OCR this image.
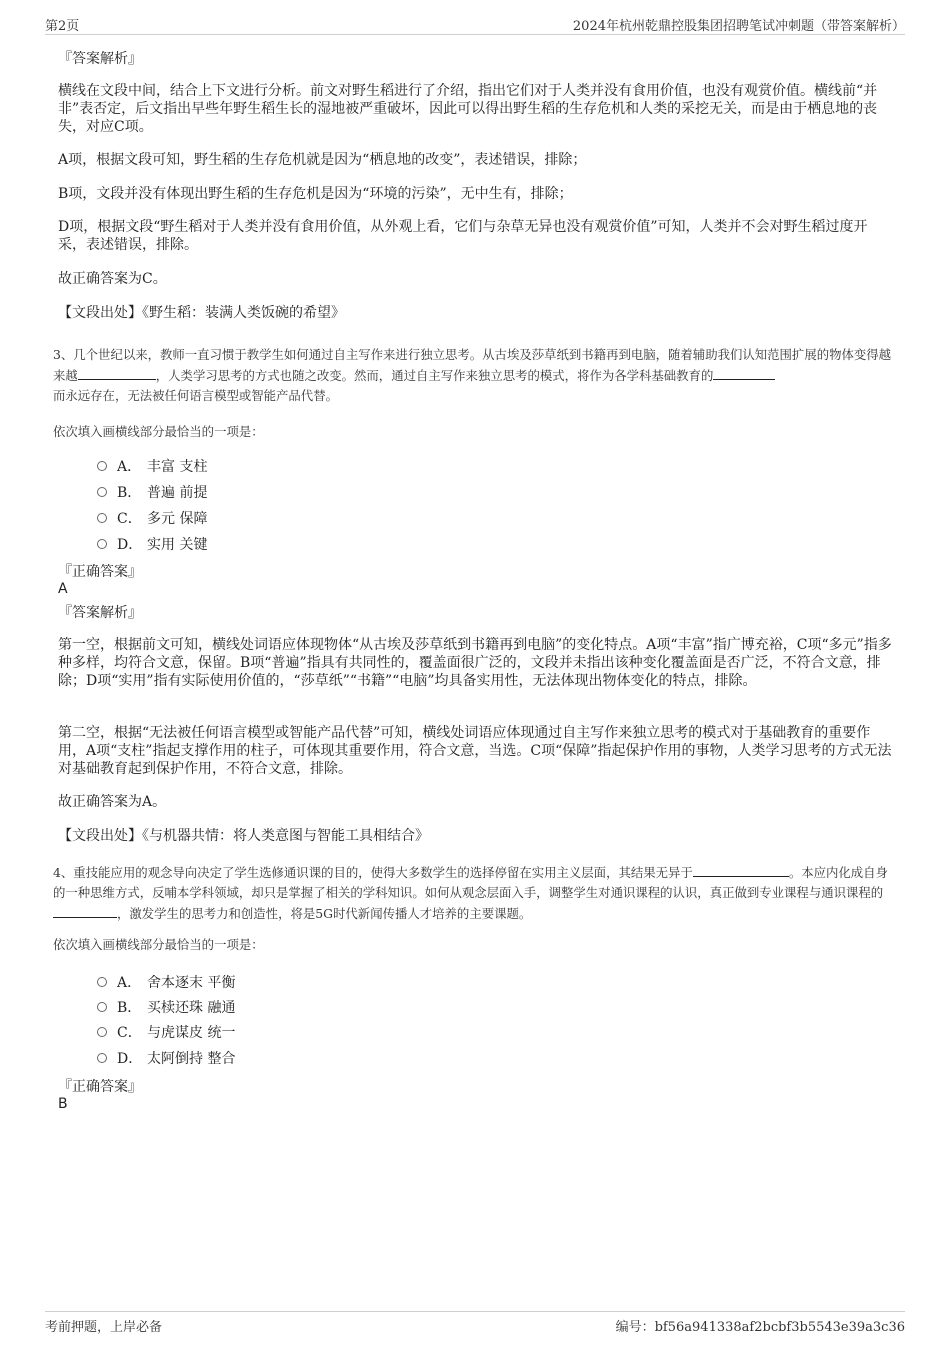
第2页	2024年杭州乾鼎控股集团招聘笔试冲刺题（带答案解析）
『答案解析』
横线在文段中间，结合上下文进行分析。前文对野生稻进行了介绍，指出它们对于人类并没有食用价值，也没有观赏价值。横线前“并非”表否定，后文指出早些年野生稻生长的湿地被严重破坏，因此可以得出野生稻的生存危机和人类的采挖无关，而是由于栖息地的丧失，对应C项。
A项，根据文段可知，野生稻的生存危机就是因为“栖息地的改变”，表述错误，排除；
B项，文段并没有体现出野生稻的生存危机是因为“环境的污染”，无中生有，排除；
D项，根据文段“野生稻对于人类并没有食用价值，从外观上看，它们与杂草无异也没有观赏价值”可知，人类并不会对野生稻过度开采，表述错误，排除。
故正确答案为C。
【文段出处】《野生稻：装满人类饭碗的希望》
3、几个世纪以来，教师一直习惯于教学生如何通过自主写作来进行独立思考。从古埃及莎草纸到书籍再到电脑，随着辅助我们认知范围扩展的物体变得越来越	，人类学习思考的方式也随之改变。然而，通过自主写作来独立思考的模式，将作为各学科基础教育的
而永远存在，无法被任何语言模型或智能产品代替。
依次填入画横线部分最恰当的一项是：
A． 丰富 支柱
B． 普遍 前提
C． 多元 保障
D． 实用 关键
『正确答案』
A
『答案解析』
第一空，根据前文可知，横线处词语应体现物体“从古埃及莎草纸到书籍再到电脑”的变化特点。A项“丰富”指广博充裕，C项“多元”指多种多样，均符合文意，保留。B项“普遍”指具有共同性的，覆盖面很广泛的，文段并未指出该种变化覆盖面是否广泛，不符合文意，排除；D项“实用”指有实际使用价值的，“莎草纸”“书籍”“电脑”均具备实用性，无法体现出物体变化的特点，排除。
第二空，根据“无法被任何语言模型或智能产品代替”可知，横线处词语应体现通过自主写作来独立思考的模式对于基础教育的重要作用，A项“支柱”指起支撑作用的柱子，可体现其重要作用，符合文意，当选。C项“保障”指起保护作用的事物，人类学习思考的方式无法对基础教育起到保护作用，不符合文意，排除。
故正确答案为A。
【文段出处】《与机器共情：将人类意图与智能工具相结合》
4、重技能应用的观念导向决定了学生选修通识课的目的，使得大多数学生的选择停留在实用主义层面，其结果无异于	。本应内化成自身的一种思维方式，反哺本学科领域，却只是掌握了相关的学科知识。如何从观念层面入手，调整学生对通识课程的认识，真正做到专业课程与通识课程的，激发学生的思考力和创造性，将是5G时代新闻传播人才培养的主要课题。
依次填入画横线部分最恰当的一项是：
A． 舍本逐末 平衡
B． 买椟还珠 融通
C． 与虎谋皮 统一
D． 太阿倒持 整合
『正确答案』
B
考前押题，上岸必备	编号：bf56a941338af2bcbf3b5543e39a3c36
